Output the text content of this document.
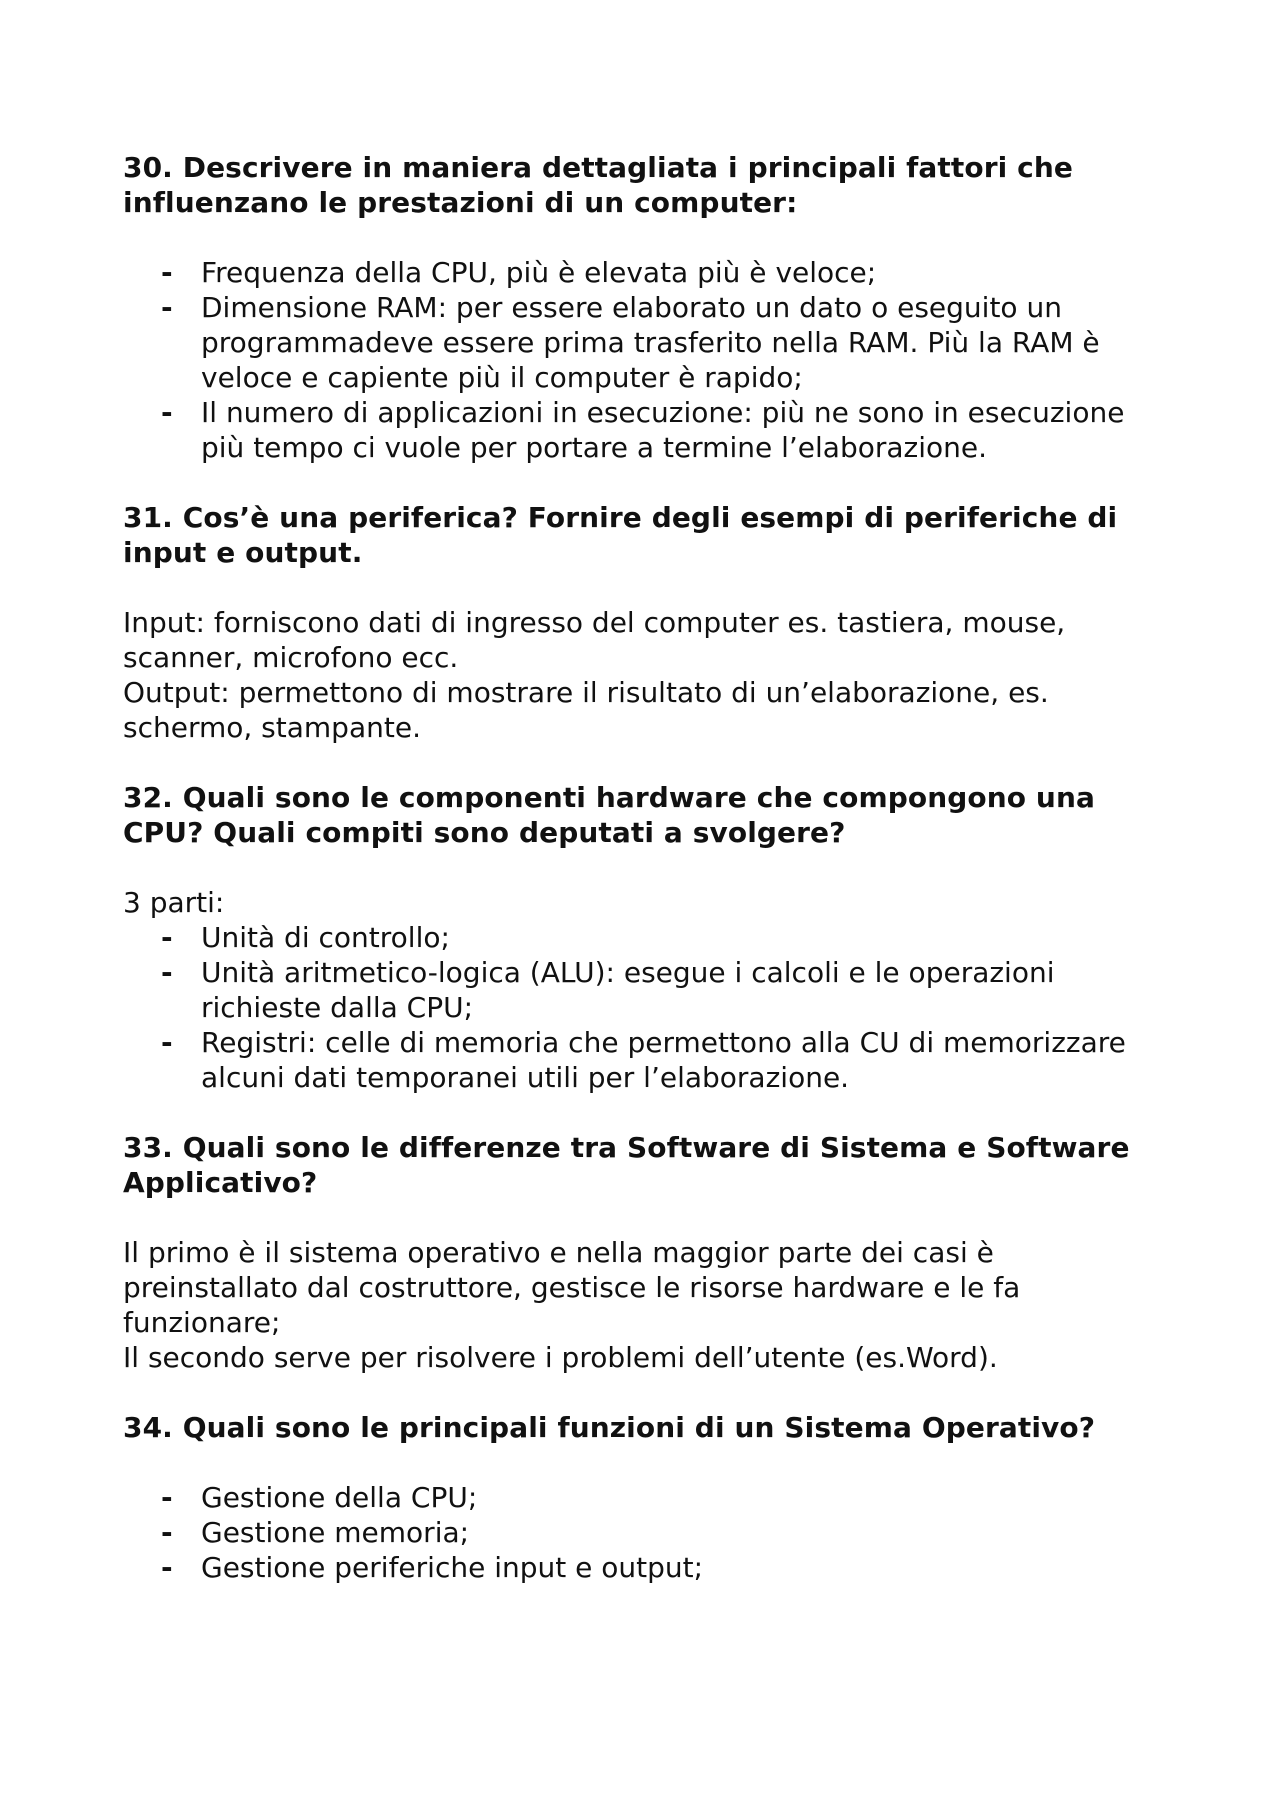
30. Descrivere in maniera dettagliata i principali fattori che influenzano le prestazioni di un computer:

- Frequenza della CPU, più è elevata più è veloce;
- Dimensione RAM: per essere elaborato un dato o eseguito un programmadeve essere prima trasferito nella RAM. Più la RAM è veloce e capiente più il computer è rapido;
- Il numero di applicazioni in esecuzione: più ne sono in esecuzione più tempo ci vuole per portare a termine l’elaborazione.

31. Cos’è una periferica? Fornire degli esempi di periferiche di input e output.

Input: forniscono dati di ingresso del computer es. tastiera, mouse, scanner, microfono ecc.

Output: permettono di mostrare il risultato di un’elaborazione, es. schermo, stampante.

32. Quali sono le componenti hardware che compongono una CPU? Quali compiti sono deputati a svolgere?

3 parti:

- Unità di controllo;
- Unità aritmetico-logica (ALU): esegue i calcoli e le operazioni richieste dalla CPU;
- Registri: celle di memoria che permettono alla CU di memorizzare alcuni dati temporanei utili per l’elaborazione.

33. Quali sono le differenze tra Software di Sistema e Software Applicativo?

Il primo è il sistema operativo e nella maggior parte dei casi è preinstallato dal costruttore, gestisce le risorse hardware e le fa funzionare;

Il secondo serve per risolvere i problemi dell’utente (es.Word).

34. Quali sono le principali funzioni di un Sistema Operativo?

- Gestione della CPU;
- Gestione memoria;
- Gestione periferiche input e output;
